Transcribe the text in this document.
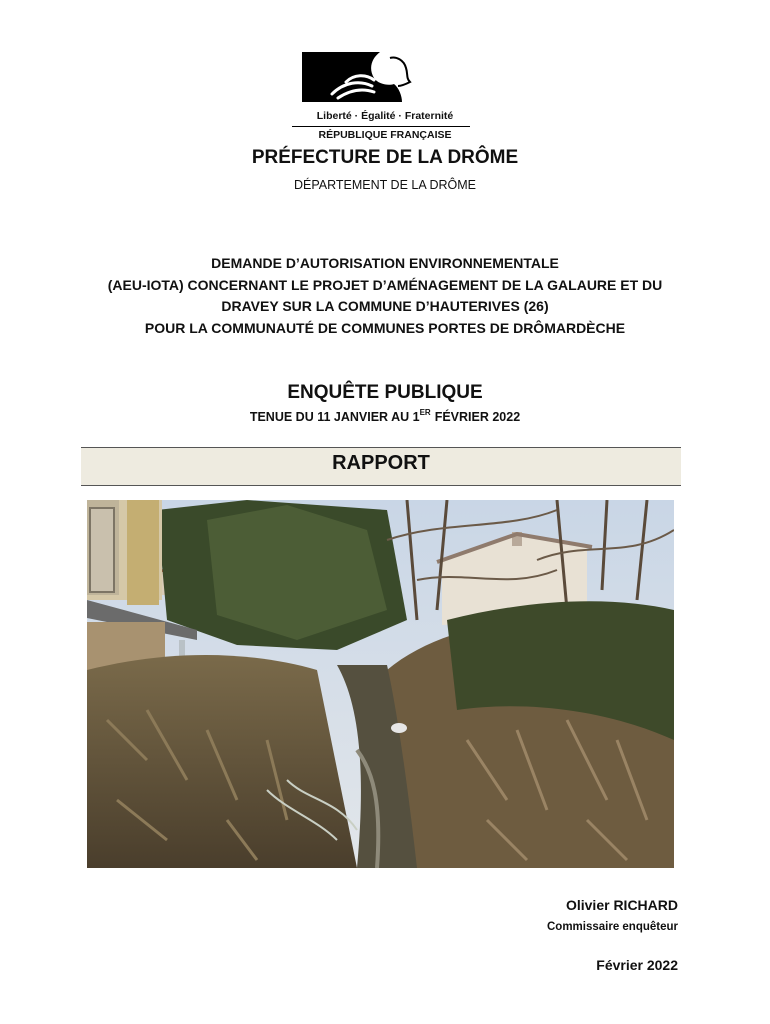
Liberté · Égalité · Fraternité
RÉPUBLIQUE FRANÇAISE
PRÉFECTURE DE LA DRÔME
DÉPARTEMENT DE LA DRÔME
DEMANDE D’AUTORISATION ENVIRONNEMENTALE
(AEU-IOTA) CONCERNANT LE PROJET D’AMÉNAGEMENT DE LA GALAURE ET DU
DRAVEY SUR LA COMMUNE D’HAUTERIVES (26)
POUR LA COMMUNAUTÉ DE COMMUNES PORTES DE DRÔMARDÈCHE
ENQUÊTE PUBLIQUE
TENUE DU 11 JANVIER AU 1ER FÉVRIER 2022
RAPPORT
Olivier RICHARD
Commissaire enquêteur
Février 2022
